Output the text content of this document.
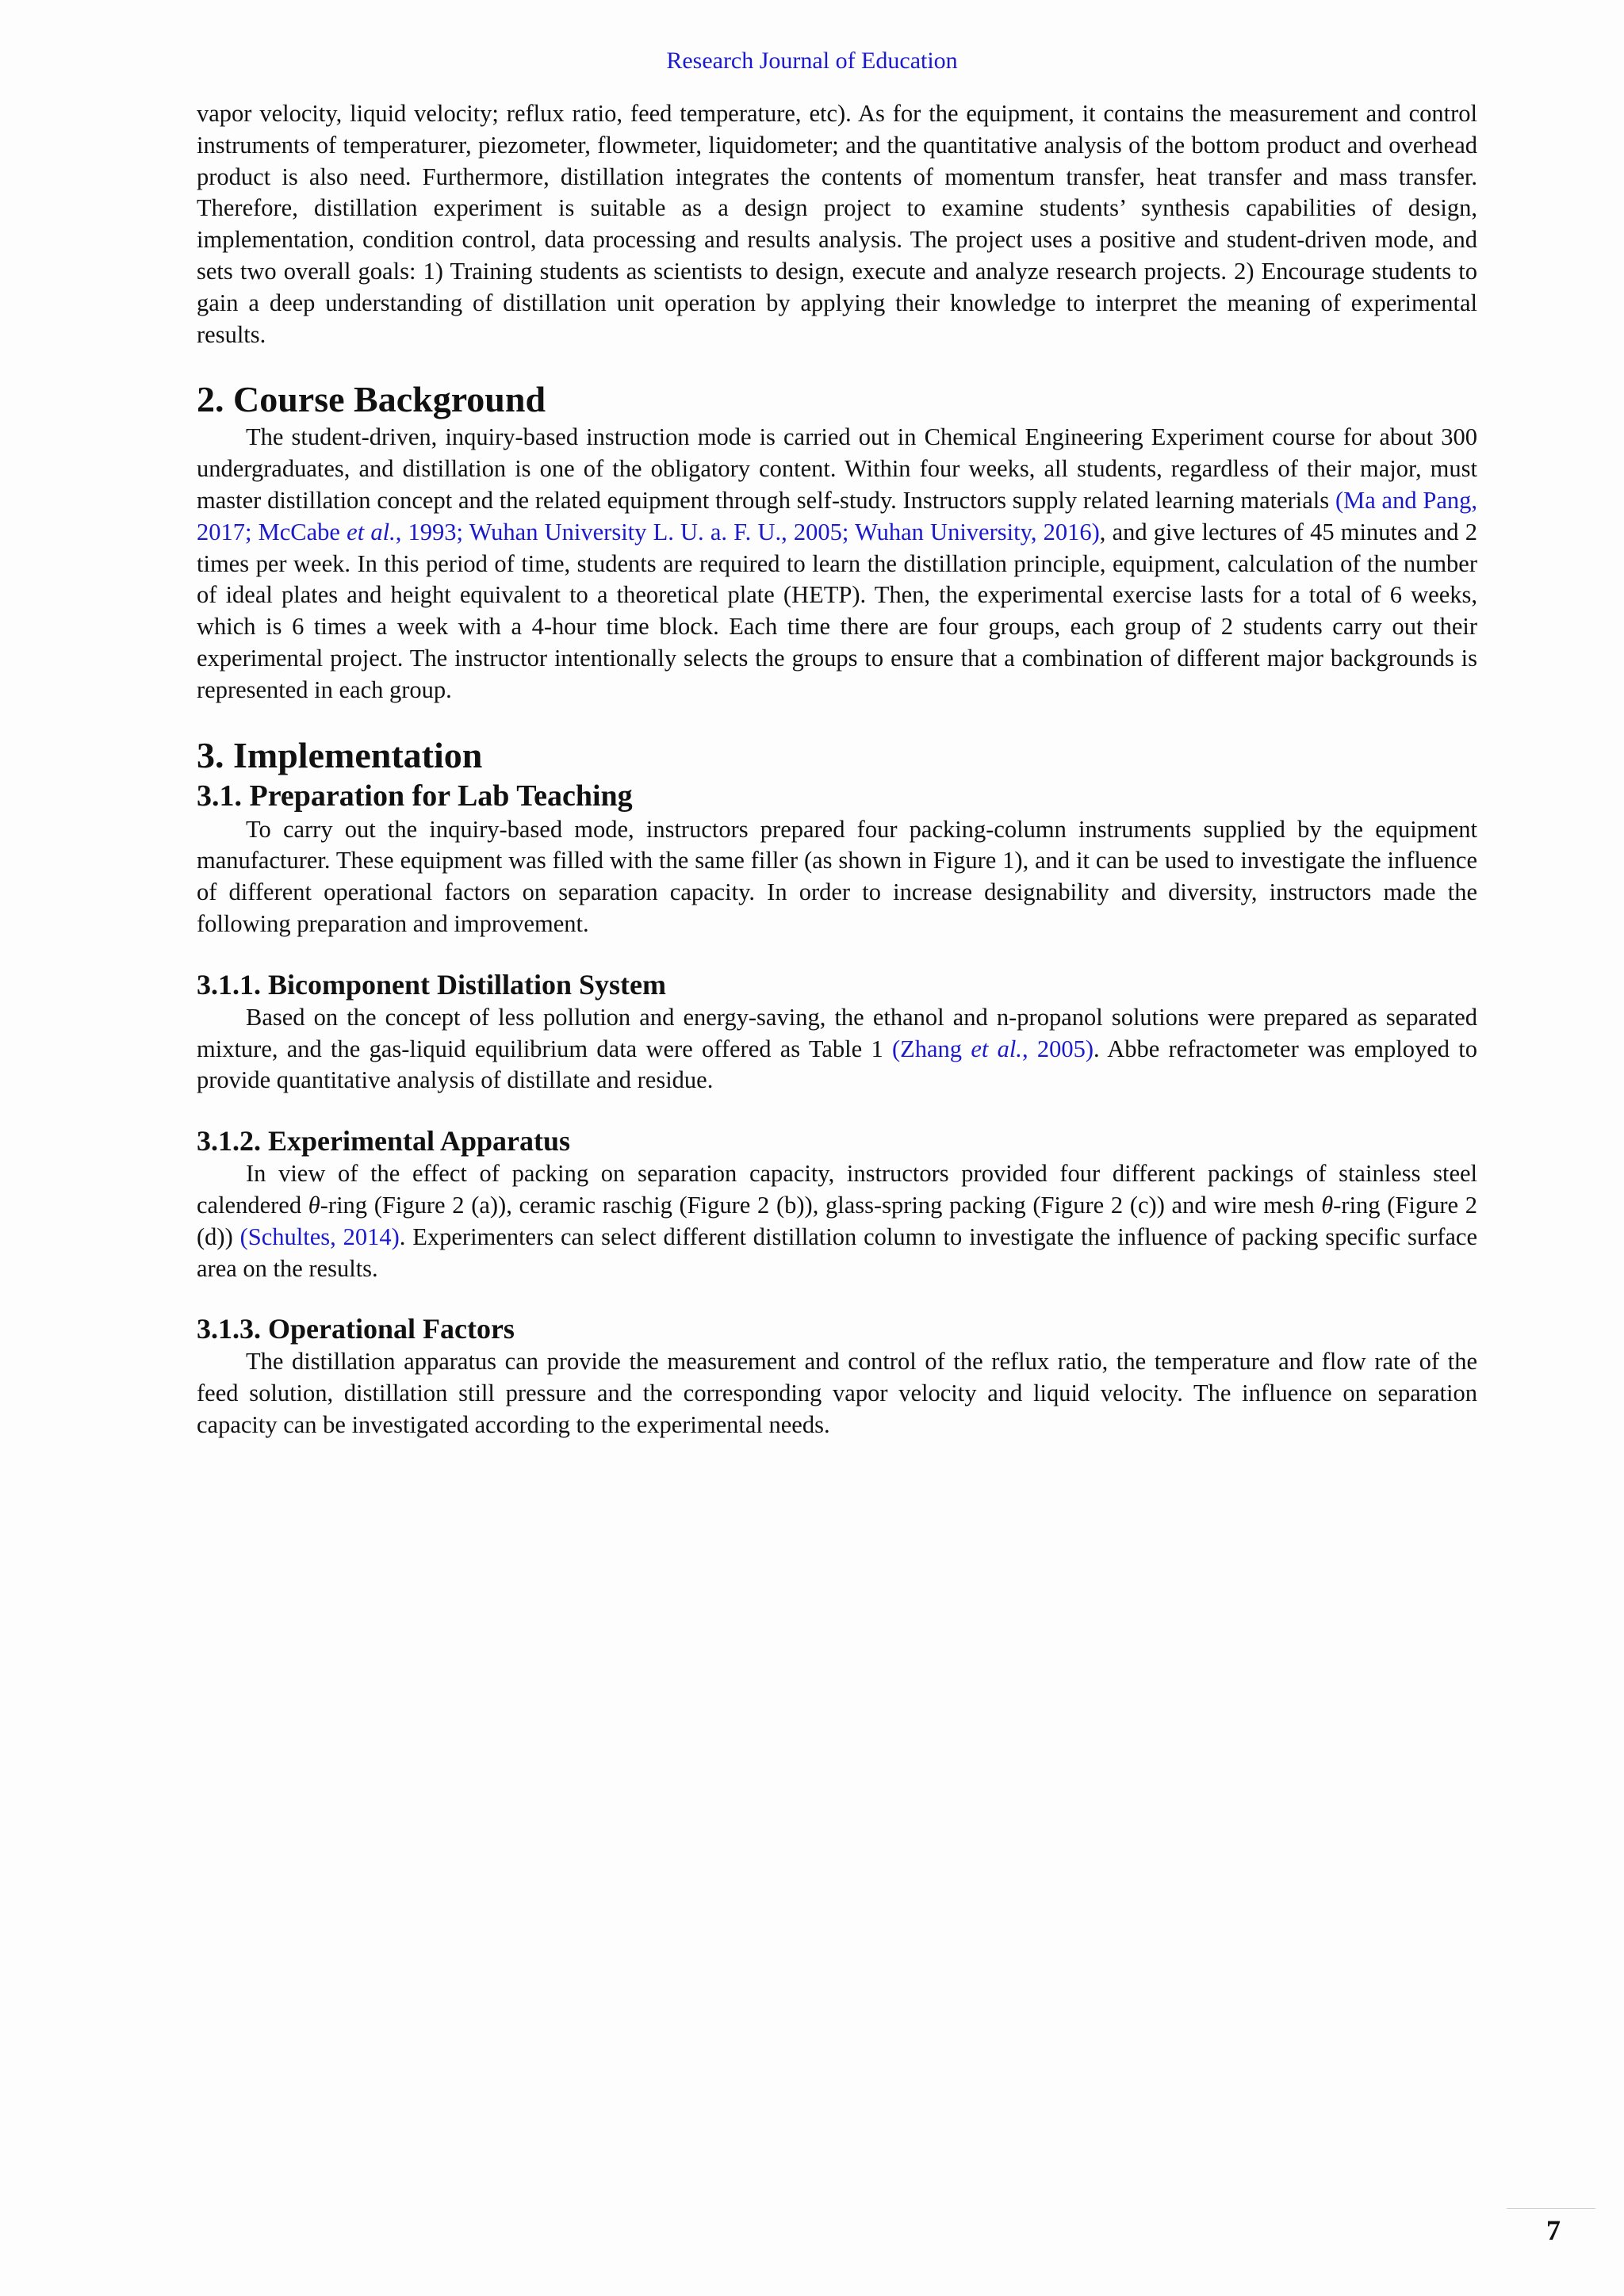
Research Journal of Education

vapor velocity, liquid velocity; reflux ratio, feed temperature, etc). As for the equipment, it contains the measurement and control instruments of temperaturer, piezometer, flowmeter, liquidometer; and the quantitative analysis of the bottom product and overhead product is also need. Furthermore, distillation integrates the contents of momentum transfer, heat transfer and mass transfer. Therefore, distillation experiment is suitable as a design project to examine students’ synthesis capabilities of design, implementation, condition control, data processing and results analysis. The project uses a positive and student-driven mode, and sets two overall goals: 1) Training students as scientists to design, execute and analyze research projects. 2) Encourage students to gain a deep understanding of distillation unit operation by applying their knowledge to interpret the meaning of experimental results.

2. Course Background

The student-driven, inquiry-based instruction mode is carried out in Chemical Engineering Experiment course for about 300 undergraduates, and distillation is one of the obligatory content. Within four weeks, all students, regardless of their major, must master distillation concept and the related equipment through self-study. Instructors supply related learning materials (Ma and Pang, 2017; McCabe et al., 1993; Wuhan University L. U. a. F. U., 2005; Wuhan University, 2016), and give lectures of 45 minutes and 2 times per week. In this period of time, students are required to learn the distillation principle, equipment, calculation of the number of ideal plates and height equivalent to a theoretical plate (HETP). Then, the experimental exercise lasts for a total of 6 weeks, which is 6 times a week with a 4-hour time block. Each time there are four groups, each group of 2 students carry out their experimental project. The instructor intentionally selects the groups to ensure that a combination of different major backgrounds is represented in each group.

3. Implementation
3.1. Preparation for Lab Teaching

To carry out the inquiry-based mode, instructors prepared four packing-column instruments supplied by the equipment manufacturer. These equipment was filled with the same filler (as shown in Figure 1), and it can be used to investigate the influence of different operational factors on separation capacity. In order to increase designability and diversity, instructors made the following preparation and improvement.

3.1.1. Bicomponent Distillation System

Based on the concept of less pollution and energy-saving, the ethanol and n-propanol solutions were prepared as separated mixture, and the gas-liquid equilibrium data were offered as Table 1 (Zhang et al., 2005). Abbe refractometer was employed to provide quantitative analysis of distillate and residue.

3.1.2. Experimental Apparatus

In view of the effect of packing on separation capacity, instructors provided four different packings of stainless steel calendered θ-ring (Figure 2 (a)), ceramic raschig (Figure 2 (b)), glass-spring packing (Figure 2 (c)) and wire mesh θ-ring (Figure 2 (d)) (Schultes, 2014). Experimenters can select different distillation column to investigate the influence of packing specific surface area on the results.

3.1.3. Operational Factors

The distillation apparatus can provide the measurement and control of the reflux ratio, the temperature and flow rate of the feed solution, distillation still pressure and the corresponding vapor velocity and liquid velocity. The influence on separation capacity can be investigated according to the experimental needs.

7
